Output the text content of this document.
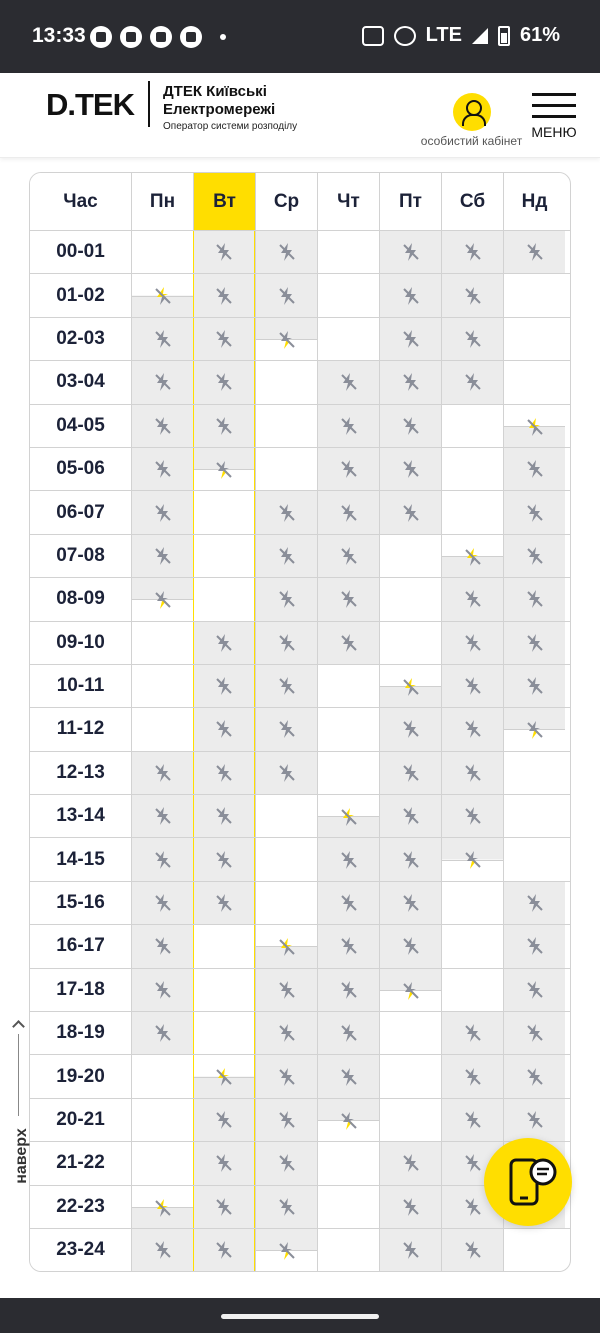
13:33	LTE	61%
D.TEK ДТЕК Київські Електромережі
Оператор системи розподілу
особистий кабінет
МЕНЮ
Час	Пн	Вт	Ср	Чт	Пт	Сб	Нд
00-01
01-02
02-03
03-04
04-05
05-06
06-07
07-08
08-09
09-10
10-11
11-12
12-13
13-14
14-15
15-16
16-17
17-18
18-19
19-20
20-21
21-22
22-23
23-24
наверх
